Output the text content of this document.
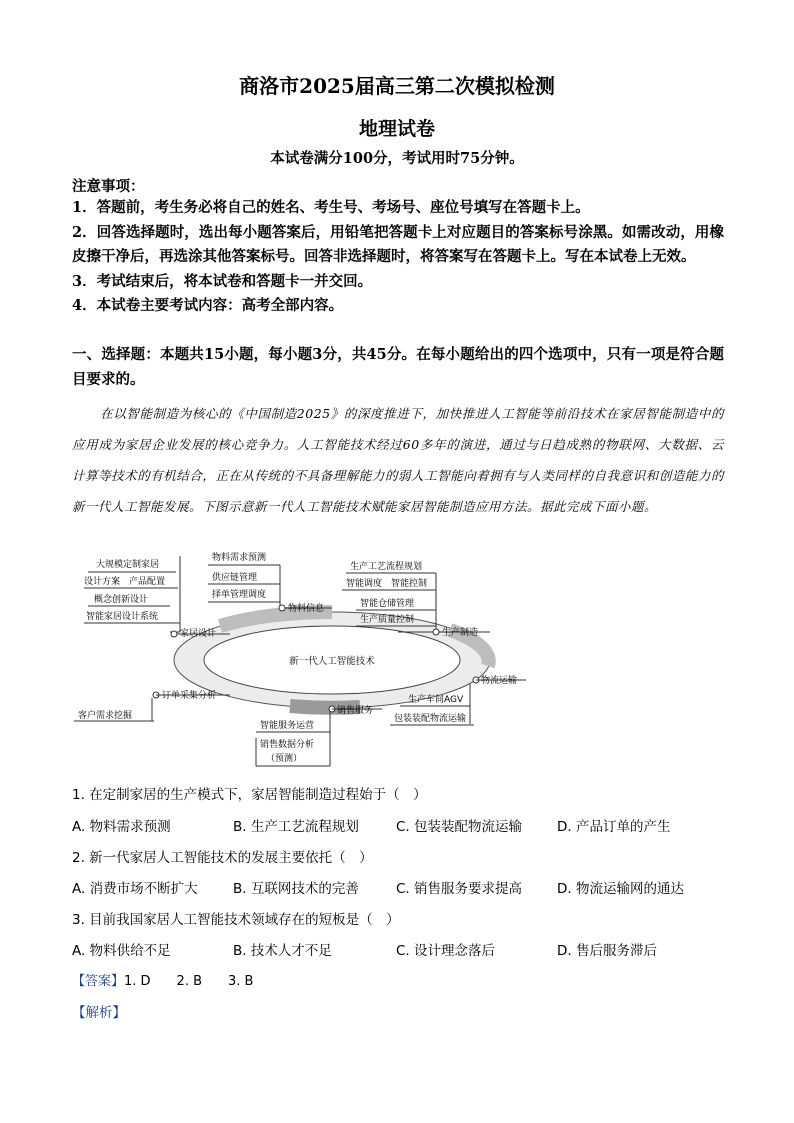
商洛市2025届高三第二次模拟检测
地理试卷
本试卷满分100分，考试用时75分钟。
注意事项：
1．答题前，考生务必将自己的姓名、考生号、考场号、座位号填写在答题卡上。
2．回答选择题时，选出每小题答案后，用铅笔把答题卡上对应题目的答案标号涂黑。如需改动，用橡皮擦干净后，再选涂其他答案标号。回答非选择题时，将答案写在答题卡上。写在本试卷上无效。
3．考试结束后，将本试卷和答题卡一并交回。
4．本试卷主要考试内容：高考全部内容。
一、选择题：本题共15小题，每小题3分，共45分。在每小题给出的四个选项中，只有一项是符合题目要求的。
在以智能制造为核心的《中国制造2025》的深度推进下，加快推进人工智能等前沿技术在家居智能制造中的应用成为家居企业发展的核心竞争力。人工智能技术经过60多年的演进，通过与日趋成熟的物联网、大数据、云计算等技术的有机结合，正在从传统的不具备理解能力的弱人工智能向着拥有与人类同样的自我意识和创造能力的新一代人工智能发展。下图示意新一代人工智能技术赋能家居智能制造应用方法。据此完成下面小题。
新一代人工智能技术
大规模定制家居
设计方案　产品配置
概念创新设计
智能家居设计系统
家居设计
物料需求预测
供应链管理
择单管理调度
物料信息
生产工艺流程规划
智能调度　智能控制
智能仓储管理
生产质量控制
生产制造
物流运输
生产车间AGV
包装装配物流运输
销售服务
智能服务运营
销售数据分析
（预测）
订单采集分析
客户需求挖掘
1. 在定制家居的生产模式下，家居智能制造过程始于（　）
A. 物料需求预测	B. 生产工艺流程规划	C. 包装装配物流运输	D. 产品订单的产生
2. 新一代家居人工智能技术的发展主要依托（　）
A. 消费市场不断扩大	B. 互联网技术的完善	C. 销售服务要求提高	D. 物流运输网的通达
3. 目前我国家居人工智能技术领域存在的短板是（　）
A. 物料供给不足	B. 技术人才不足	C. 设计理念落后	D. 售后服务滞后
【答案】1. D　　2. B　　3. B
【解析】
